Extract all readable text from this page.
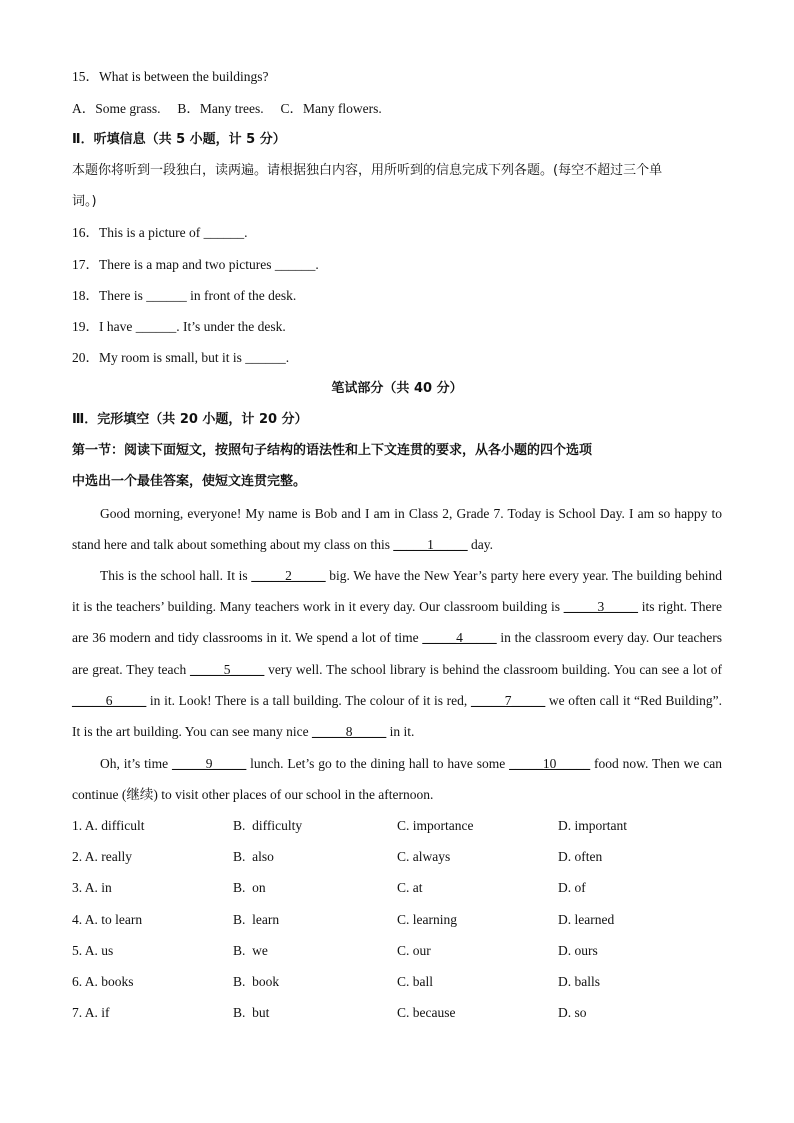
15．What is between the buildings?
A．Some grass.     B．Many trees.     C．Many flowers.
Ⅱ．听填信息（共 5 小题，计 5 分）
本题你将听到一段独白，读两遍。请根据独白内容，用所听到的信息完成下列各题。(每空不超过三个单
词。)
16．This is a picture of ______.
17．There is a map and two pictures ______.
18．There is ______ in front of the desk.
19．I have ______. It’s under the desk.
20．My room is small, but it is ______.
笔试部分（共 40 分）
Ⅲ．完形填空（共 20 小题，计 20 分）
第一节：阅读下面短文，按照句子结构的语法性和上下文连贯的要求，从各小题的四个选项
中选出一个最佳答案，使短文连贯完整。
Good morning, everyone! My name is Bob and I am in Class 2, Grade 7. Today is School Day. I am so happy to stand here and talk about something about my class on this _____1_____ day.
This is the school hall. It is _____2_____ big. We have the New Year’s party here every year. The building behind it is the teachers’ building. Many teachers work in it every day. Our classroom building is _____3_____ its right. There are 36 modern and tidy classrooms in it. We spend a lot of time _____4_____ in the classroom every day. Our teachers are great. They teach _____5_____ very well. The school library is behind the classroom building. You can see a lot of _____6_____ in it. Look! There is a tall building. The colour of it is red, _____7_____ we often call it “Red Building”. It is the art building. You can see many nice _____8_____ in it.
Oh, it’s time _____9_____ lunch. Let’s go to the dining hall to have some _____10_____ food now. Then we can continue (继续) to visit other places of our school in the afternoon.
1. A. difficult	B.  difficulty	C. importance	D. important
2. A. really	B.  also	C. always	D. often
3. A. in	B.  on	C. at	D. of
4. A. to learn	B.  learn	C. learning	D. learned
5. A. us	B.  we	C. our	D. ours
6. A. books	B.  book	C. ball	D. balls
7. A. if	B.  but	C. because	D. so
